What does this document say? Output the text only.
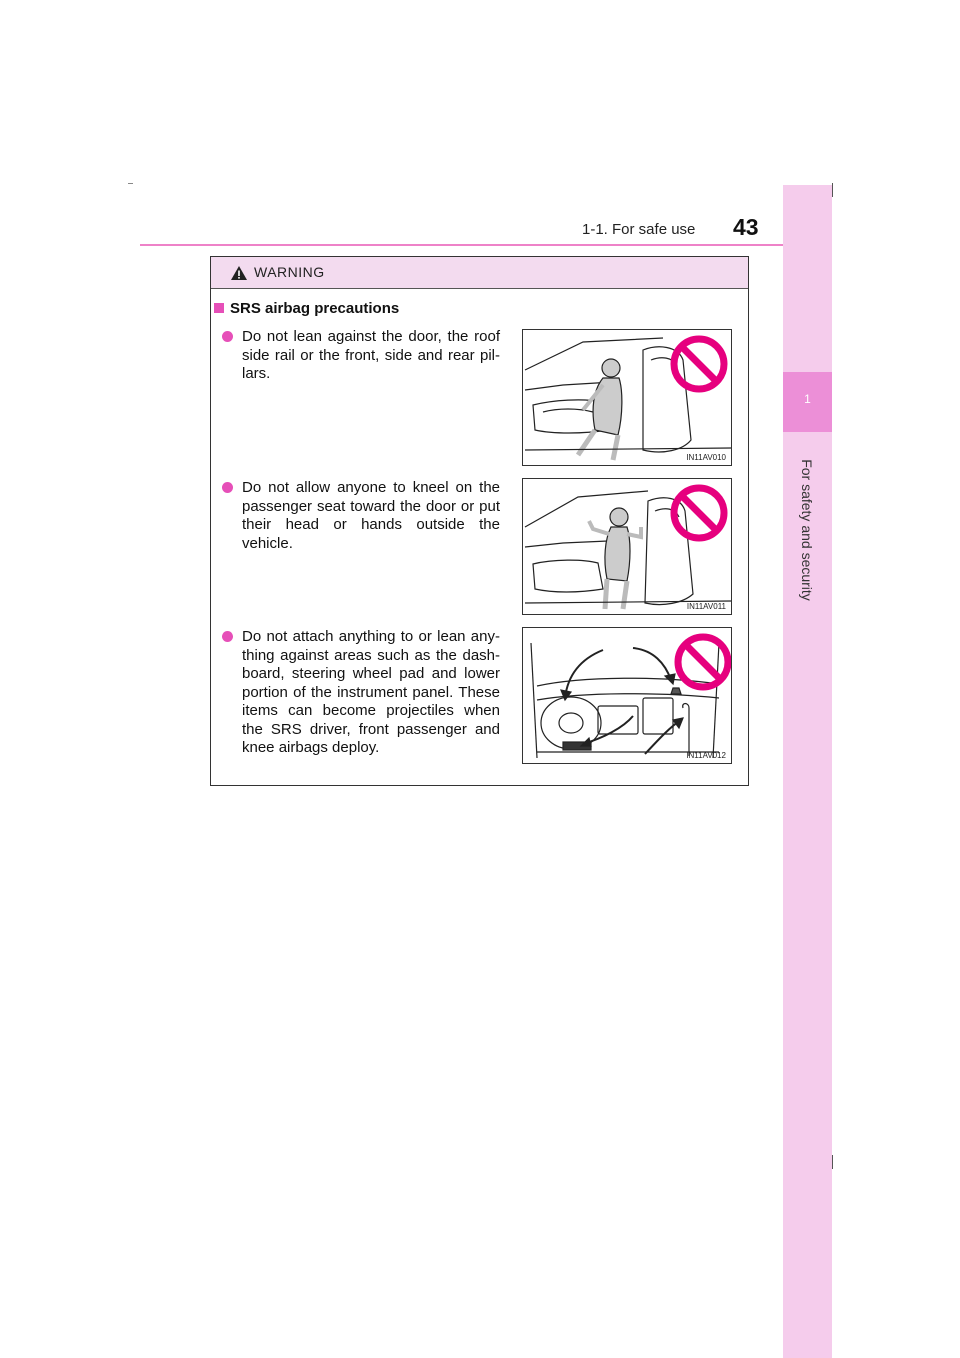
1-1. For safe use 43
1
For safety and security
WARNING
SRS airbag precautions
Do not lean against the door, the roof side rail or the front, side and rear pil-lars.
Do not allow anyone to kneel on the passenger seat toward the door or put their head or hands outside the vehicle.
Do not attach anything to or lean any-thing against areas such as the dash-board, steering wheel pad and lower portion of the instrument panel. These items can become projectiles when the SRS driver, front passenger and knee airbags deploy.
IN11AV010
IN11AV011
IN11AV012
